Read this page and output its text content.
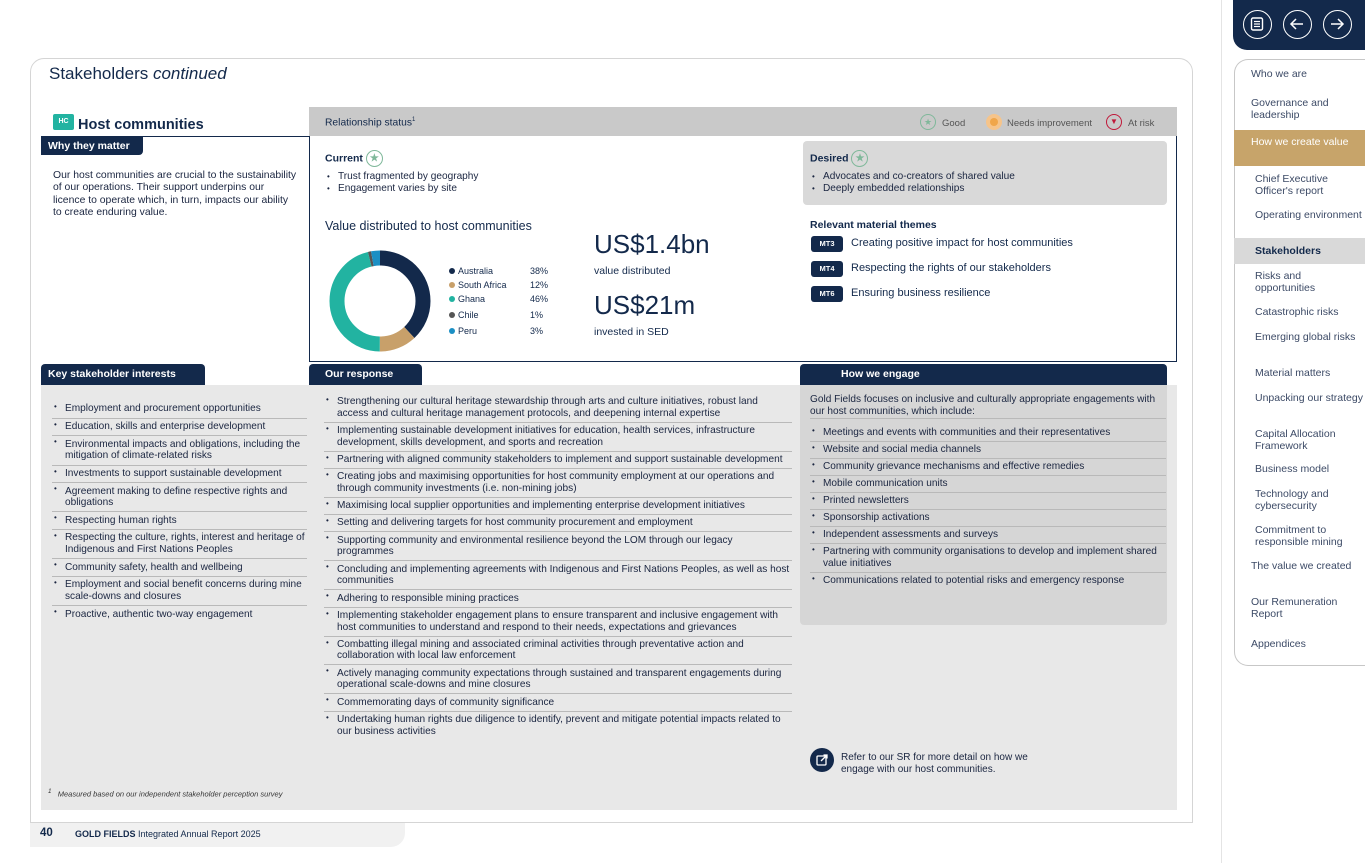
Who we are
Governance and leadership
How we create value
Chief Executive Officer's report
Operating environment
Stakeholders
Risks and opportunities
Catastrophic risks
Emerging global risks
Material matters
Unpacking our strategy
Capital Allocation Framework
Business model
Technology and cybersecurity
Commitment to responsible mining
The value we created
Our Remuneration Report
Appendices
Stakeholders continued
HC Host communities
Why they matter
Our host communities are crucial to the sustainability of our operations. Their support underpins our licence to operate which, in turn, impacts our ability to create enduring value.
Relationship status$^1$	★	Good	Needs improvement	▼	At risk
Current ★
• Trust fragmented by geography
• Engagement varies by site
Desired ★
• Advocates and co-creators of shared value
• Deeply embedded relationships
Value distributed to host communities
Australia	38%
South Africa	12%
Ghana	46%
Chile	1%
Peru	3%
US$1.4bn
value distributed
US$21m
invested in SED
Relevant material themes
MT3	Creating positive impact for host communities
MT4	Respecting the rights of our stakeholders
MT6	Ensuring business resilience
Key stakeholder interests	Our response	How we engage
• Employment and procurement opportunities
• Education, skills and enterprise development
• Environmental impacts and obligations, including the mitigation of climate-related risks
• Investments to support sustainable development
• Agreement making to define respective rights and obligations
• Respecting human rights
• Respecting the culture, rights, interest and heritage of Indigenous and First Nations Peoples
• Community safety, health and wellbeing
• Employment and social benefit concerns during mine scale-downs and closures
• Proactive, authentic two-way engagement
• Strengthening our cultural heritage stewardship through arts and culture initiatives, robust land access and cultural heritage management protocols, and deepening internal expertise
• Implementing sustainable development initiatives for education, health services, infrastructure development, skills development, and sports and recreation
• Partnering with aligned community stakeholders to implement and support sustainable development
• Creating jobs and maximising opportunities for host community employment at our operations and through community investments (i.e. non-mining jobs)
• Maximising local supplier opportunities and implementing enterprise development initiatives
• Setting and delivering targets for host community procurement and employment
• Supporting community and environmental resilience beyond the LOM through our legacy programmes
• Concluding and implementing agreements with Indigenous and First Nations Peoples, as well as host communities
• Adhering to responsible mining practices
• Implementing stakeholder engagement plans to ensure transparent and inclusive engagement with host communities to understand and respond to their needs, expectations and grievances
• Combatting illegal mining and associated criminal activities through preventative action and collaboration with local law enforcement
• Actively managing community expectations through sustained and transparent engagements during operational scale-downs and mine closures
• Commemorating days of community significance
• Undertaking human rights due diligence to identify, prevent and mitigate potential impacts related to our business activities
Gold Fields focuses on inclusive and culturally appropriate engagements with our host communities, which include:
• Meetings and events with communities and their representatives
• Website and social media channels
• Community grievance mechanisms and effective remedies
• Mobile communication units
• Printed newsletters
• Sponsorship activations
• Independent assessments and surveys
• Partnering with community organisations to develop and implement shared value initiatives
• Communications related to potential risks and emergency response
Refer to our SR for more detail on how we engage with our host communities.
$^1$ Measured based on our independent stakeholder perception survey
40 GOLD FIELDS Integrated Annual Report 2025
